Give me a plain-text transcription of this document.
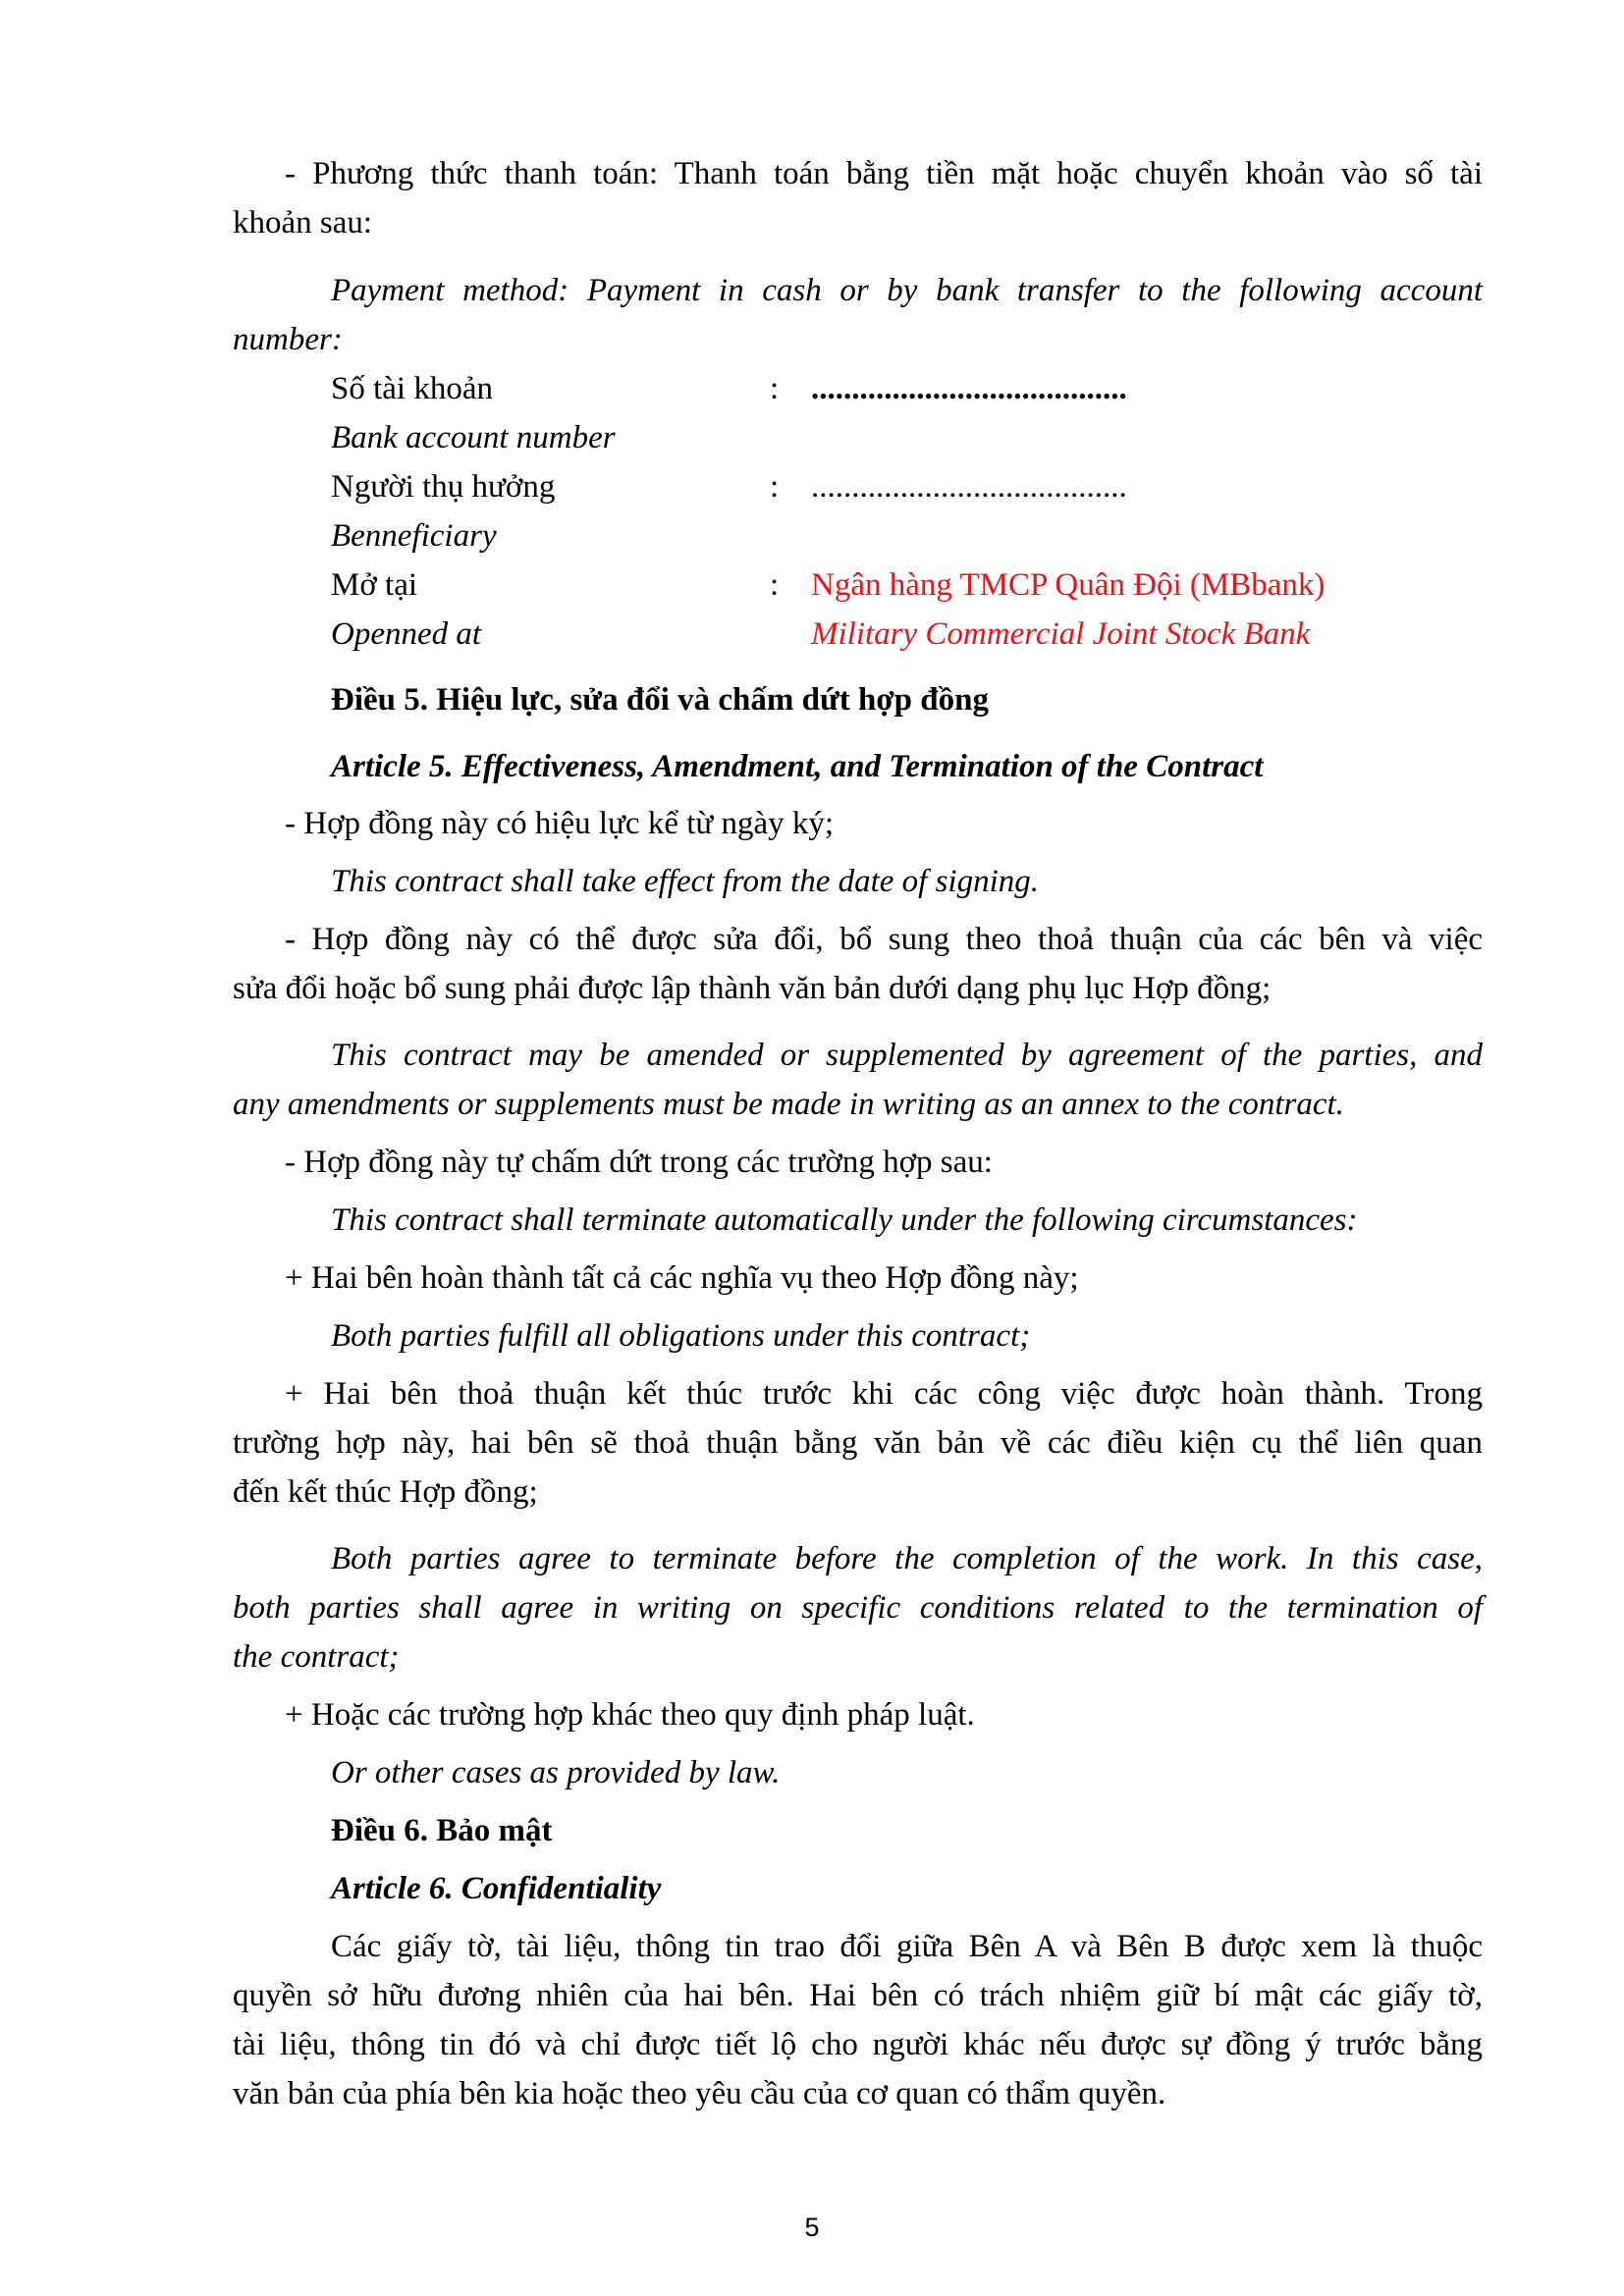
- Phương thức thanh toán: Thanh toán bằng tiền mặt hoặc chuyển khoản vào số tài
khoản sau:
Payment method: Payment in cash or by bank transfer to the following account
number:
Số tài khoản	: .......................................
Bank account number
Người thụ hưởng	: .......................................
Benneficiary
Mở tại	: Ngân hàng TMCP Quân Đội (MBbank)
Openned at	Military Commercial Joint Stock Bank
Điều 5. Hiệu lực, sửa đổi và chấm dứt hợp đồng
Article 5. Effectiveness, Amendment, and Termination of the Contract
- Hợp đồng này có hiệu lực kể từ ngày ký;
This contract shall take effect from the date of signing.
- Hợp đồng này có thể được sửa đổi, bổ sung theo thoả thuận của các bên và việc
sửa đổi hoặc bổ sung phải được lập thành văn bản dưới dạng phụ lục Hợp đồng;
This contract may be amended or supplemented by agreement of the parties, and
any amendments or supplements must be made in writing as an annex to the contract.
- Hợp đồng này tự chấm dứt trong các trường hợp sau:
This contract shall terminate automatically under the following circumstances:
+ Hai bên hoàn thành tất cả các nghĩa vụ theo Hợp đồng này;
Both parties fulfill all obligations under this contract;
+ Hai bên thoả thuận kết thúc trước khi các công việc được hoàn thành. Trong
trường hợp này, hai bên sẽ thoả thuận bằng văn bản về các điều kiện cụ thể liên quan
đến kết thúc Hợp đồng;
Both parties agree to terminate before the completion of the work. In this case,
both parties shall agree in writing on specific conditions related to the termination of
the contract;
+ Hoặc các trường hợp khác theo quy định pháp luật.
Or other cases as provided by law.
Điều 6. Bảo mật
Article 6. Confidentiality
Các giấy tờ, tài liệu, thông tin trao đổi giữa Bên A và Bên B được xem là thuộc
quyền sở hữu đương nhiên của hai bên. Hai bên có trách nhiệm giữ bí mật các giấy tờ,
tài liệu, thông tin đó và chỉ được tiết lộ cho người khác nếu được sự đồng ý trước bằng
văn bản của phía bên kia hoặc theo yêu cầu của cơ quan có thẩm quyền.
5
